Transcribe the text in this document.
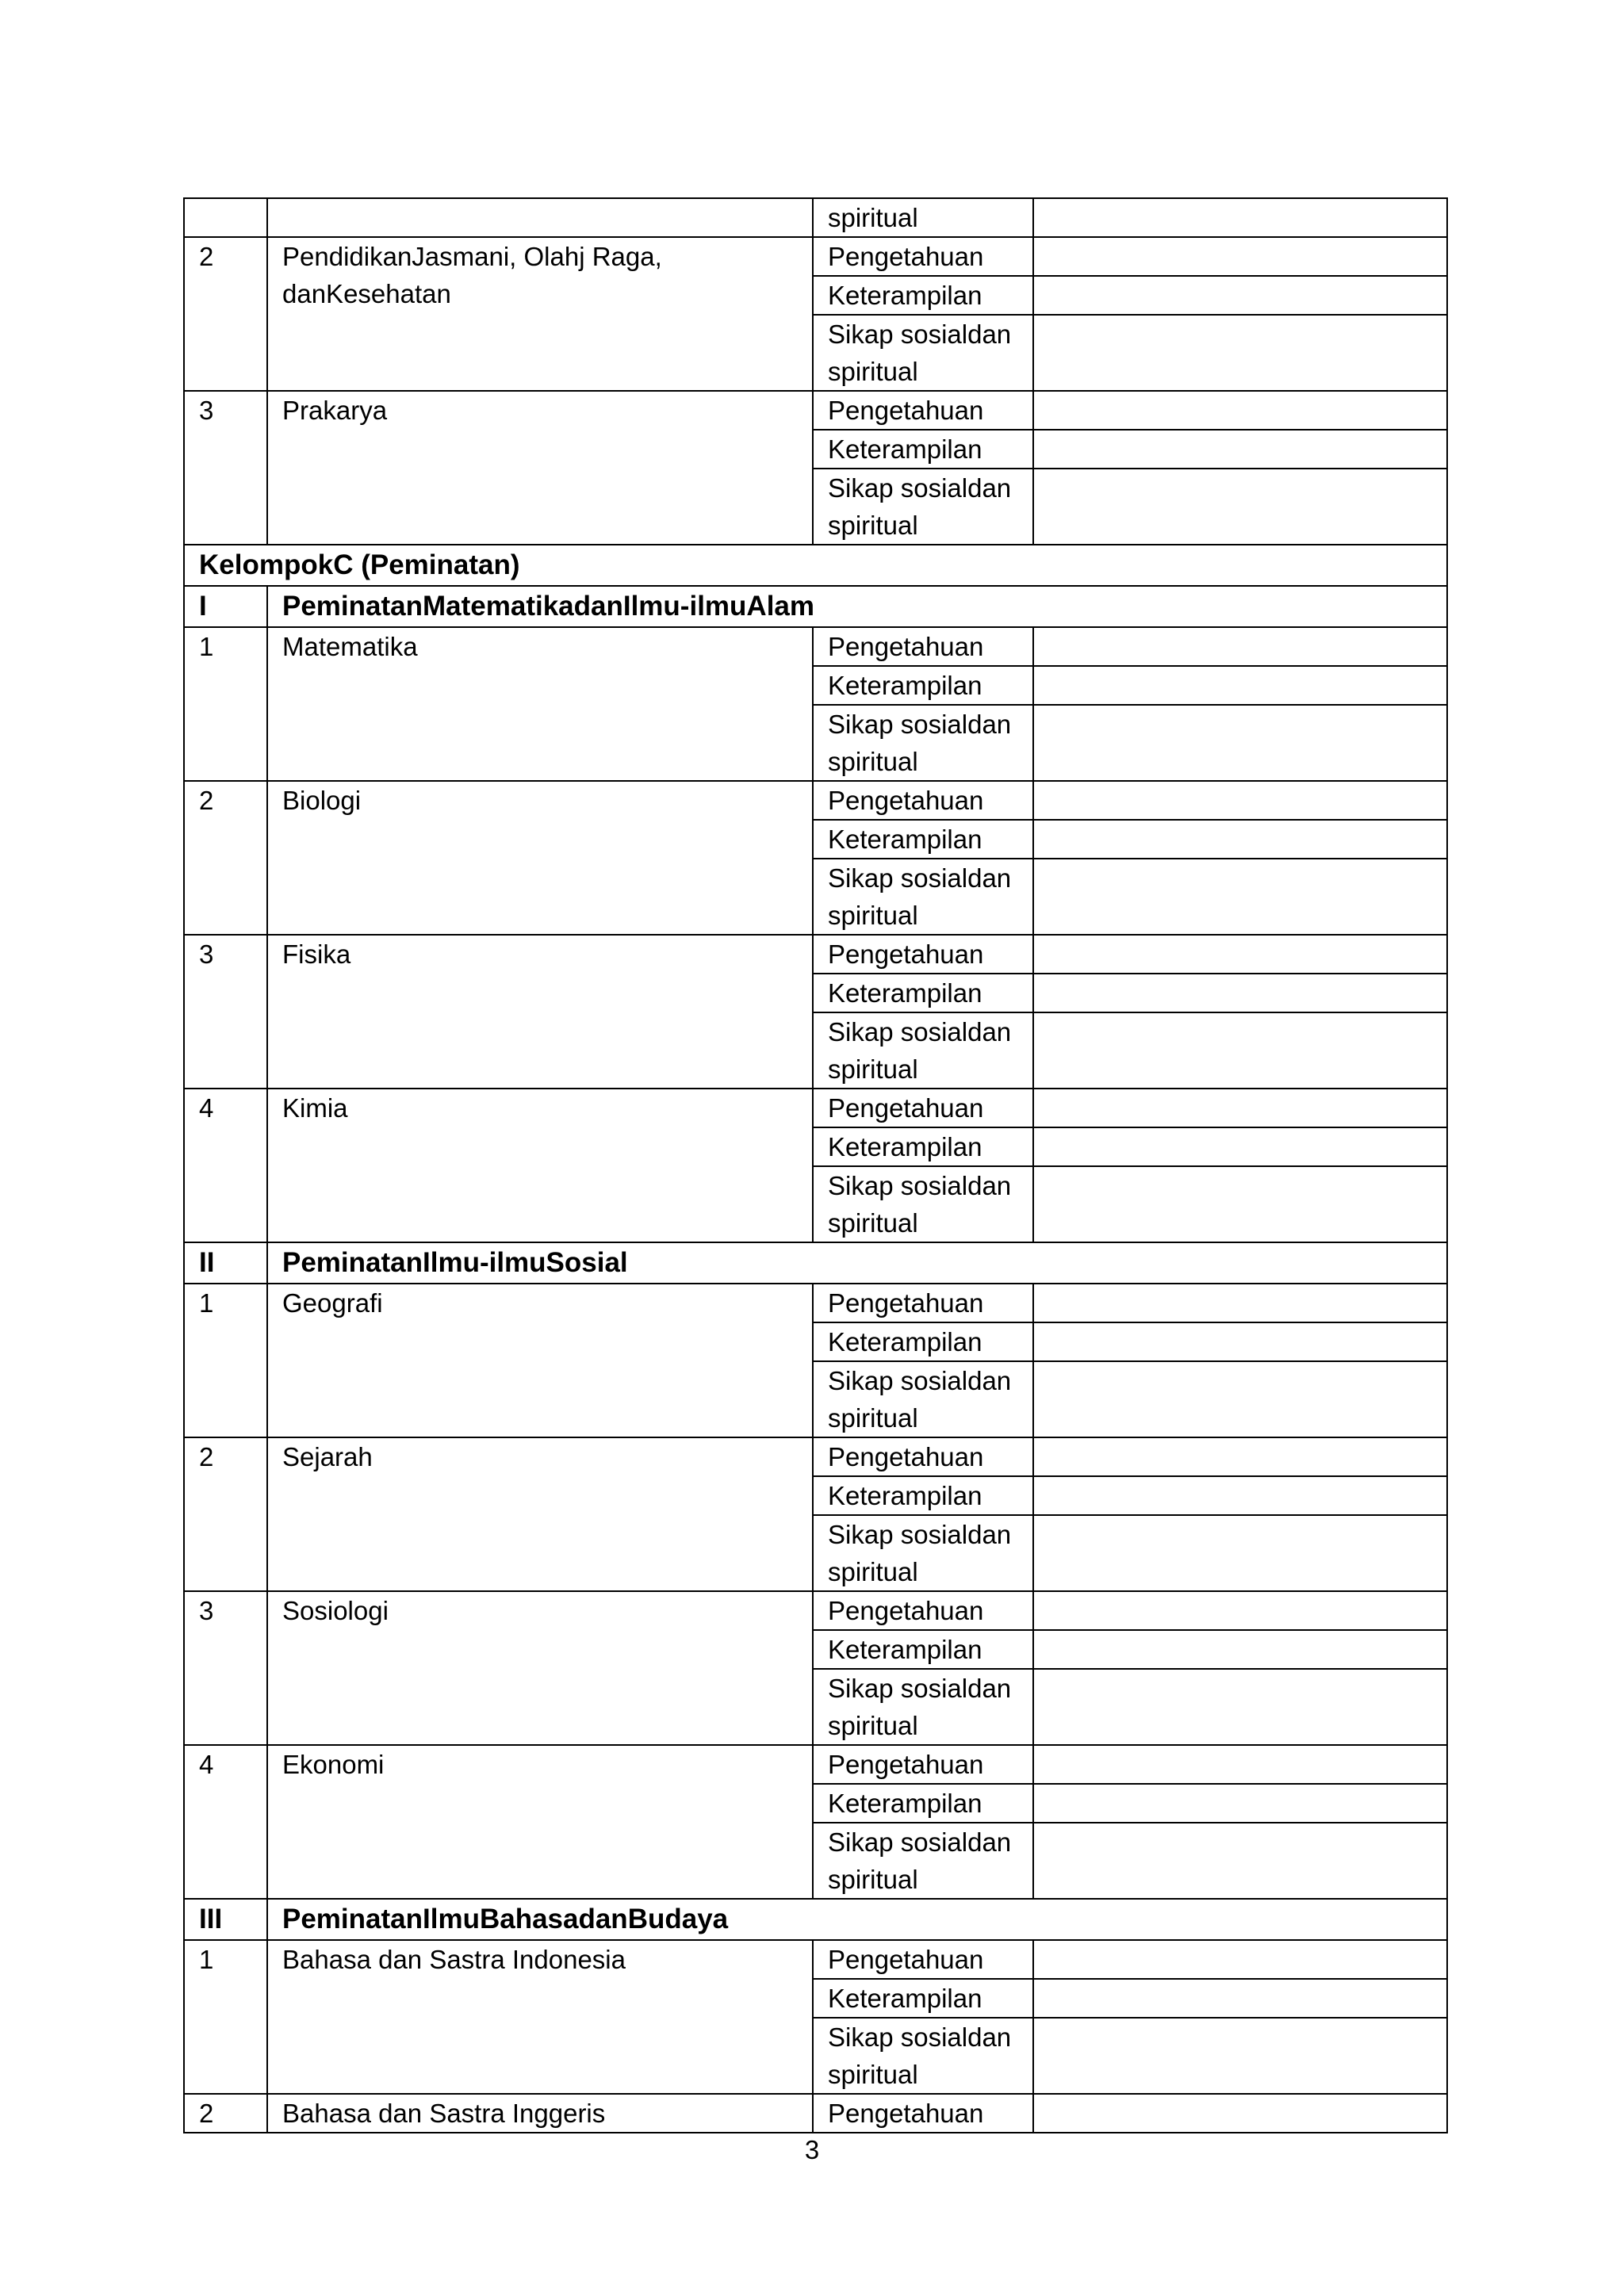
		spiritual	
2	PendidikanJasmani, Olahj Raga, danKesehatan	Pengetahuan	
		Keterampilan	
		Sikap sosialdan spiritual	
3	Prakarya	Pengetahuan	
		Keterampilan	
		Sikap sosialdan spiritual	
KelompokC (Peminatan)			
I	PeminatanMatematikadanIlmu-ilmuAlam		
1	Matematika	Pengetahuan	
		Keterampilan	
		Sikap sosialdan spiritual	
2	Biologi	Pengetahuan	
		Keterampilan	
		Sikap sosialdan spiritual	
3	Fisika	Pengetahuan	
		Keterampilan	
		Sikap sosialdan spiritual	
4	Kimia	Pengetahuan	
		Keterampilan	
		Sikap sosialdan spiritual	
II	PeminatanIlmu-ilmuSosial		
1	Geografi	Pengetahuan	
		Keterampilan	
		Sikap sosialdan spiritual	
2	Sejarah	Pengetahuan	
		Keterampilan	
		Sikap sosialdan spiritual	
3	Sosiologi	Pengetahuan	
		Keterampilan	
		Sikap sosialdan spiritual	
4	Ekonomi	Pengetahuan	
		Keterampilan	
		Sikap sosialdan spiritual	
III	PeminatanIlmuBahasadanBudaya		
1	Bahasa dan Sastra Indonesia	Pengetahuan	
		Keterampilan	
		Sikap sosialdan spiritual	
2	Bahasa dan Sastra Inggeris	Pengetahuan	
3
